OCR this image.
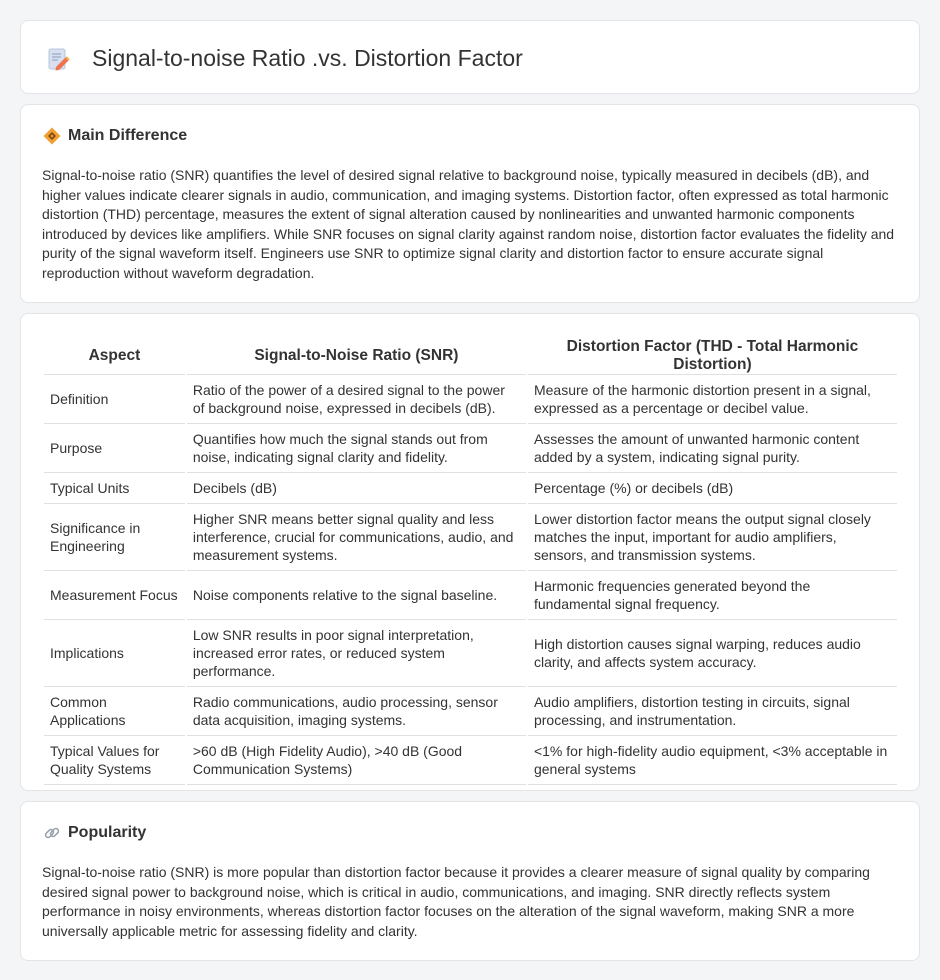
Signal-to-noise Ratio .vs. Distortion Factor
Main Difference

Signal-to-noise ratio (SNR) quantifies the level of desired signal relative to background noise, typically measured in decibels (dB), and higher values indicate clearer signals in audio, communication, and imaging systems. Distortion factor, often expressed as total harmonic distortion (THD) percentage, measures the extent of signal alteration caused by nonlinearities and unwanted harmonic components introduced by devices like amplifiers. While SNR focuses on signal clarity against random noise, distortion factor evaluates the fidelity and purity of the signal waveform itself. Engineers use SNR to optimize signal clarity and distortion factor to ensure accurate signal reproduction without waveform degradation.

Aspect	Signal-to-Noise Ratio (SNR)	Distortion Factor (THD - Total Harmonic Distortion)
Definition	Ratio of the power of a desired signal to the power of background noise, expressed in decibels (dB).	Measure of the harmonic distortion present in a signal, expressed as a percentage or decibel value.
Purpose	Quantifies how much the signal stands out from noise, indicating signal clarity and fidelity.	Assesses the amount of unwanted harmonic content added by a system, indicating signal purity.
Typical Units	Decibels (dB)	Percentage (%) or decibels (dB)
Significance in Engineering	Higher SNR means better signal quality and less interference, crucial for communications, audio, and measurement systems.	Lower distortion factor means the output signal closely matches the input, important for audio amplifiers, sensors, and transmission systems.
Measurement Focus	Noise components relative to the signal baseline.	Harmonic frequencies generated beyond the fundamental signal frequency.
Implications	Low SNR results in poor signal interpretation, increased error rates, or reduced system performance.	High distortion causes signal warping, reduces audio clarity, and affects system accuracy.
Common Applications	Radio communications, audio processing, sensor data acquisition, imaging systems.	Audio amplifiers, distortion testing in circuits, signal processing, and instrumentation.
Typical Values for Quality Systems	>60 dB (High Fidelity Audio), >40 dB (Good Communication Systems)	<1% for high-fidelity audio equipment, <3% acceptable in general systems
Popularity

Signal-to-noise ratio (SNR) is more popular than distortion factor because it provides a clearer measure of signal quality by comparing desired signal power to background noise, which is critical in audio, communications, and imaging. SNR directly reflects system performance in noisy environments, whereas distortion factor focuses on the alteration of the signal waveform, making SNR a more universally applicable metric for assessing fidelity and clarity.
